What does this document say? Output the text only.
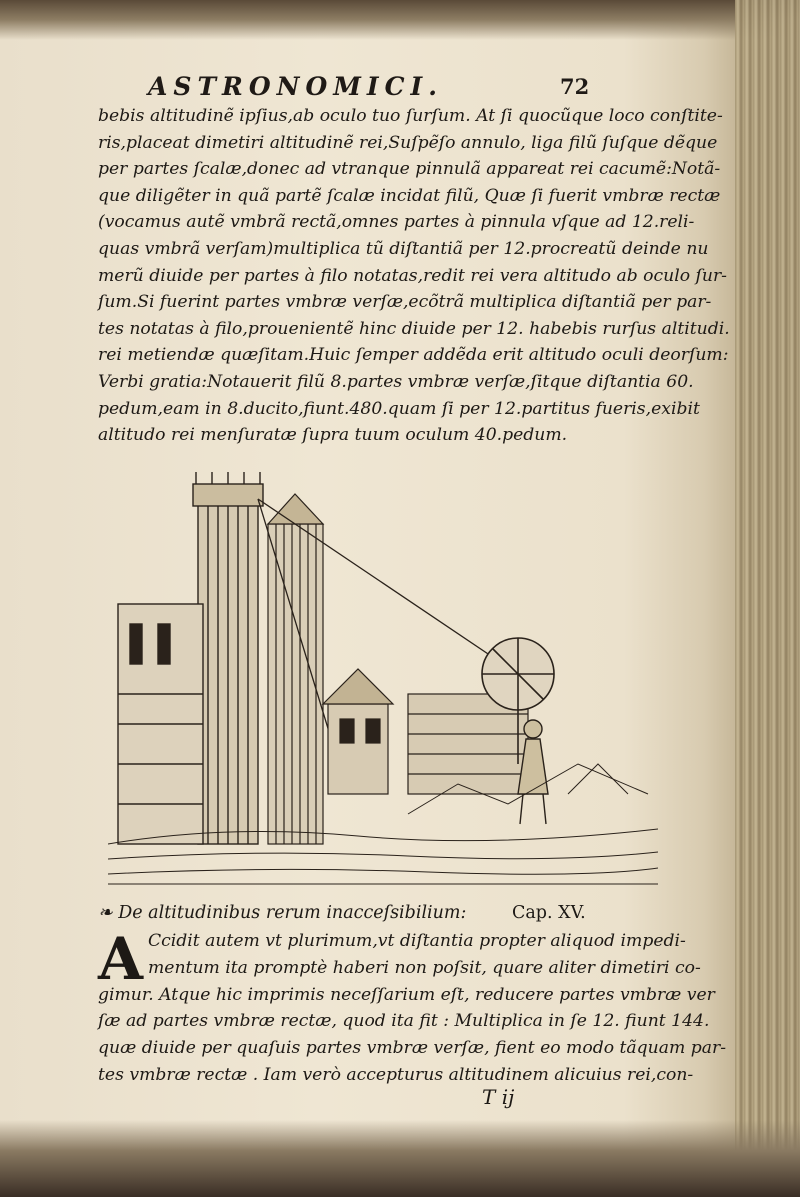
ASTRONOMICI.	72
bebis altitudinẽ ipſius,ab oculo tuo ſurſum. At ſi quocũque loco conſtite-
ris,placeat dimetiri altitudinẽ rei,Suſpẽſo annulo, liga filũ ſuſque dẽque
per partes ſcalæ,donec ad vtranque pinnulã appareat rei cacumẽ:Notã-
que diligẽter in quã partẽ ſcalæ incidat filũ, Quæ ſi fuerit vmbræ rectæ
(vocamus autẽ vmbrã rectã,omnes partes à pinnula vſque ad 12.reli-
quas vmbrã verſam)multiplica tũ diſtantiã per 12.procreatũ deinde nu
merũ diuide per partes à filo notatas,redit rei vera altitudo ab oculo ſur-
ſum.Si fuerint partes vmbræ verſæ,ecõtrã multiplica diſtantiã per par-
tes notatas à filo,prouenientẽ hinc diuide per 12. habebis rurſus altitudi.
rei metiendæ quæſitam.Huic ſemper addẽda erit altitudo oculi deorſum:
Verbi gratia:Notauerit filũ 8.partes vmbræ verſæ,ſitque diſtantia 60.
pedum,eam in 8.ducito,fiunt.480.quam ſi per 12.partitus fueris,exibit
altitudo rei menſuratæ ſupra tuum oculum 40.pedum.
❧ De altitudinibus rerum inacceſsibilium:	Cap. XV.
A Ccidit autem vt plurimum,vt diſtantia propter aliquod impedi-
mentum ita promptè haberi non poſsit, quare aliter dimetiri co-
gimur. Atque hic imprimis neceſſarium eſt, reducere partes vmbræ ver
ſæ ad partes vmbræ rectæ, quod ita fit : Multiplica in ſe 12. fiunt 144.
quæ diuide per quaſuis partes vmbræ verſæ, fient eo modo tãquam par-
tes vmbræ rectæ . Iam verò accepturus altitudinem alicuius rei,con-
T ij
